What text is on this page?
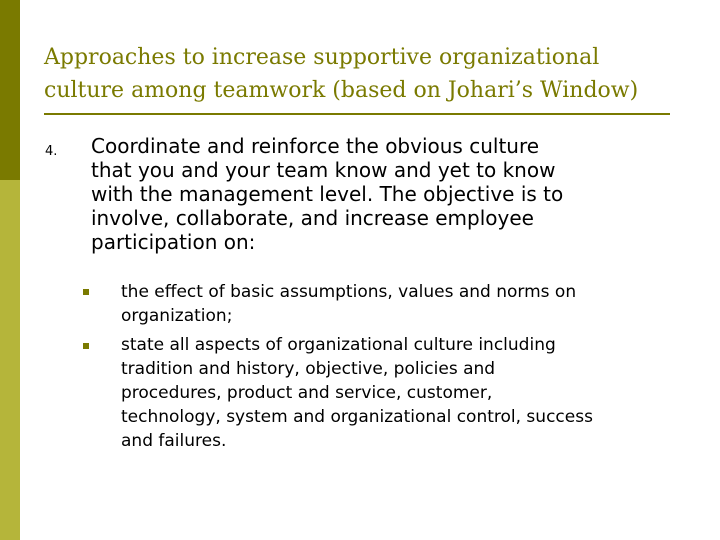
Approaches to increase supportive organizational
culture among teamwork (based on Johari’s Window)
4. Coordinate and reinforce the obvious culture
that you and your team know and yet to know
with the management level. The objective is to
involve, collaborate, and increase employee
participation on:
the effect of basic assumptions, values and norms on
organization;
state all aspects of organizational culture including
tradition and history, objective, policies and
procedures, product and service, customer,
technology, system and organizational control, success
and failures.
